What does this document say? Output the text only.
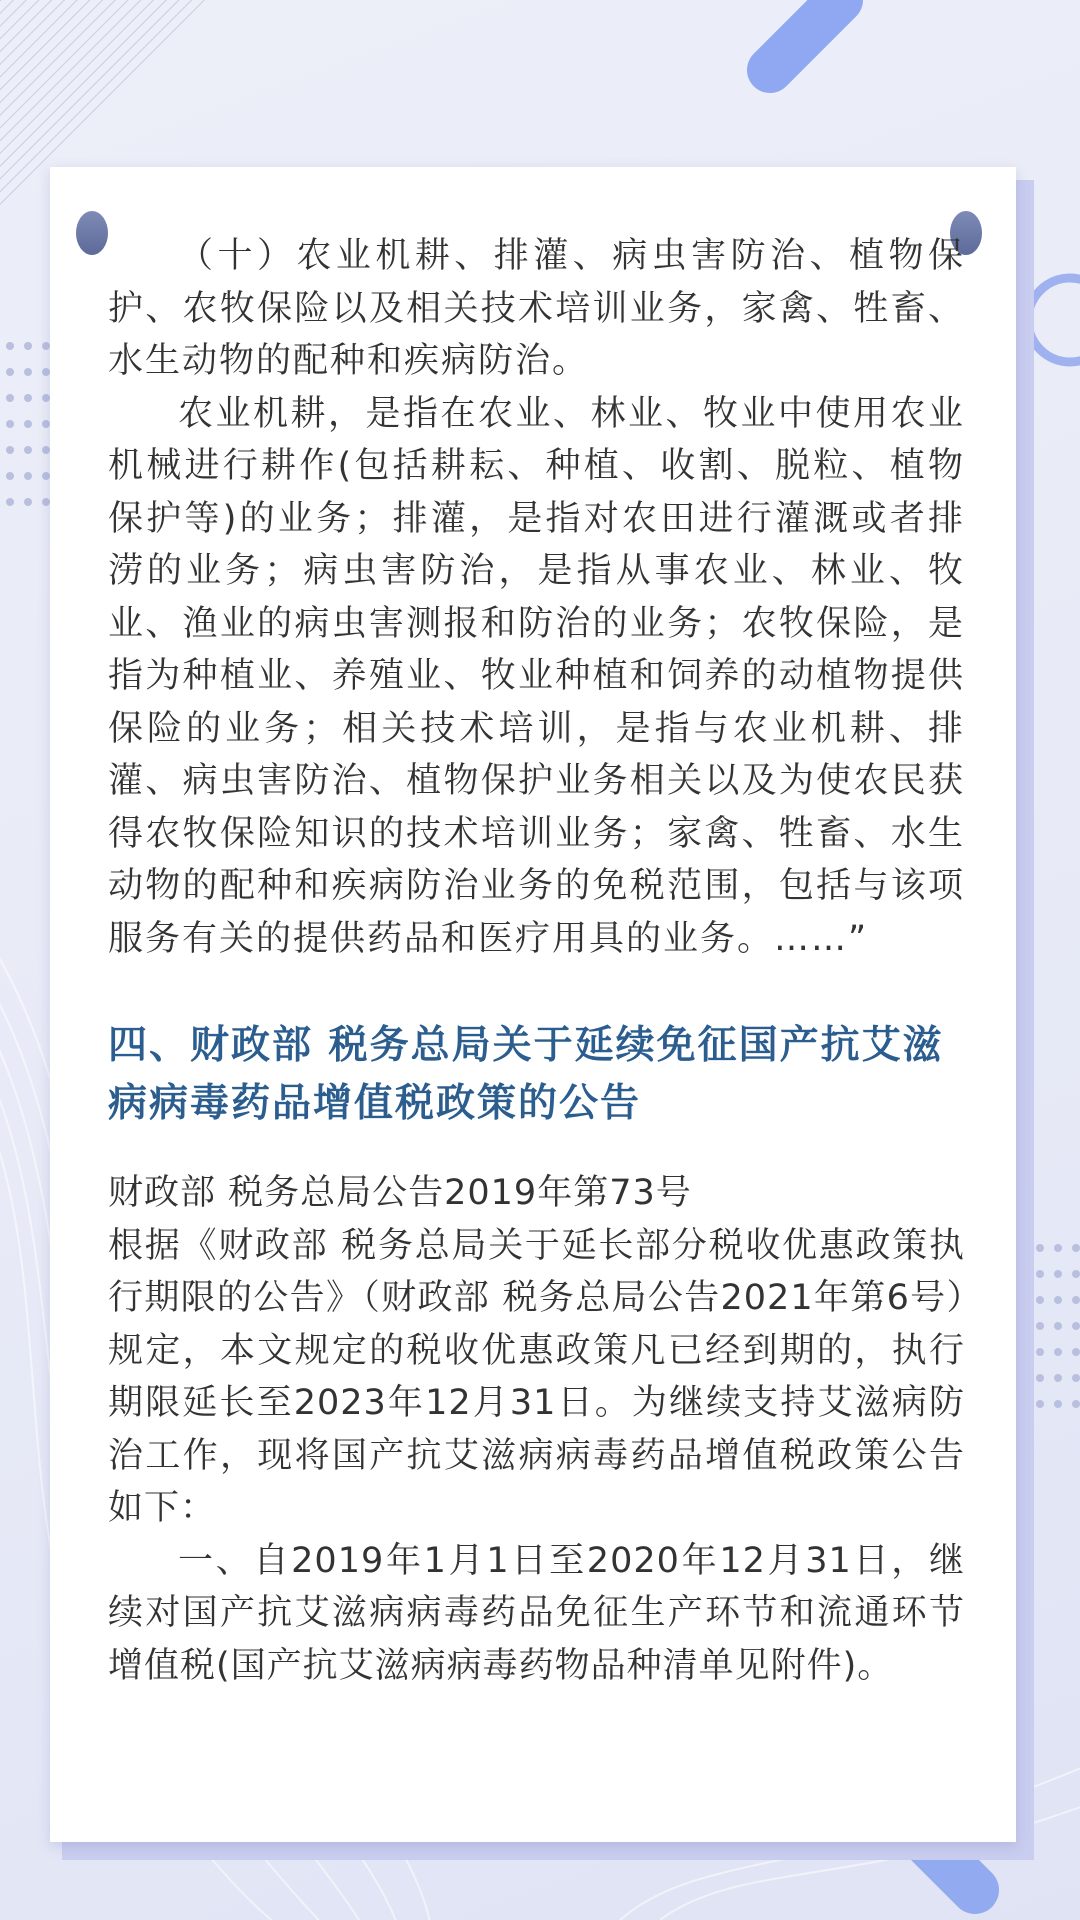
（十）农业机耕、排灌、病虫害防治、植物保护、农牧保险以及相关技术培训业务，家禽、牲畜、水生动物的配种和疾病防治。

农业机耕，是指在农业、林业、牧业中使用农业机械进行耕作(包括耕耘、种植、收割、脱粒、植物保护等)的业务；排灌，是指对农田进行灌溉或者排涝的业务；病虫害防治，是指从事农业、林业、牧业、渔业的病虫害测报和防治的业务；农牧保险，是指为种植业、养殖业、牧业种植和饲养的动植物提供保险的业务；相关技术培训，是指与农业机耕、排灌、病虫害防治、植物保护业务相关以及为使农民获得农牧保险知识的技术培训业务；家禽、牲畜、水生动物的配种和疾病防治业务的免税范围，包括与该项服务有关的提供药品和医疗用具的业务。……”

四、财政部 税务总局关于延续免征国产抗艾滋病病毒药品增值税政策的公告

财政部 税务总局公告2019年第73号

根据《财政部 税务总局关于延长部分税收优惠政策执行期限的公告》（财政部 税务总局公告2021年第6号）规定，本文规定的税收优惠政策凡已经到期的，执行期限延长至2023年12月31日。为继续支持艾滋病防治工作，现将国产抗艾滋病病毒药品增值税政策公告如下：

一、自2019年1月1日至2020年12月31日，继续对国产抗艾滋病病毒药品免征生产环节和流通环节增值税(国产抗艾滋病病毒药物品种清单见附件)。
